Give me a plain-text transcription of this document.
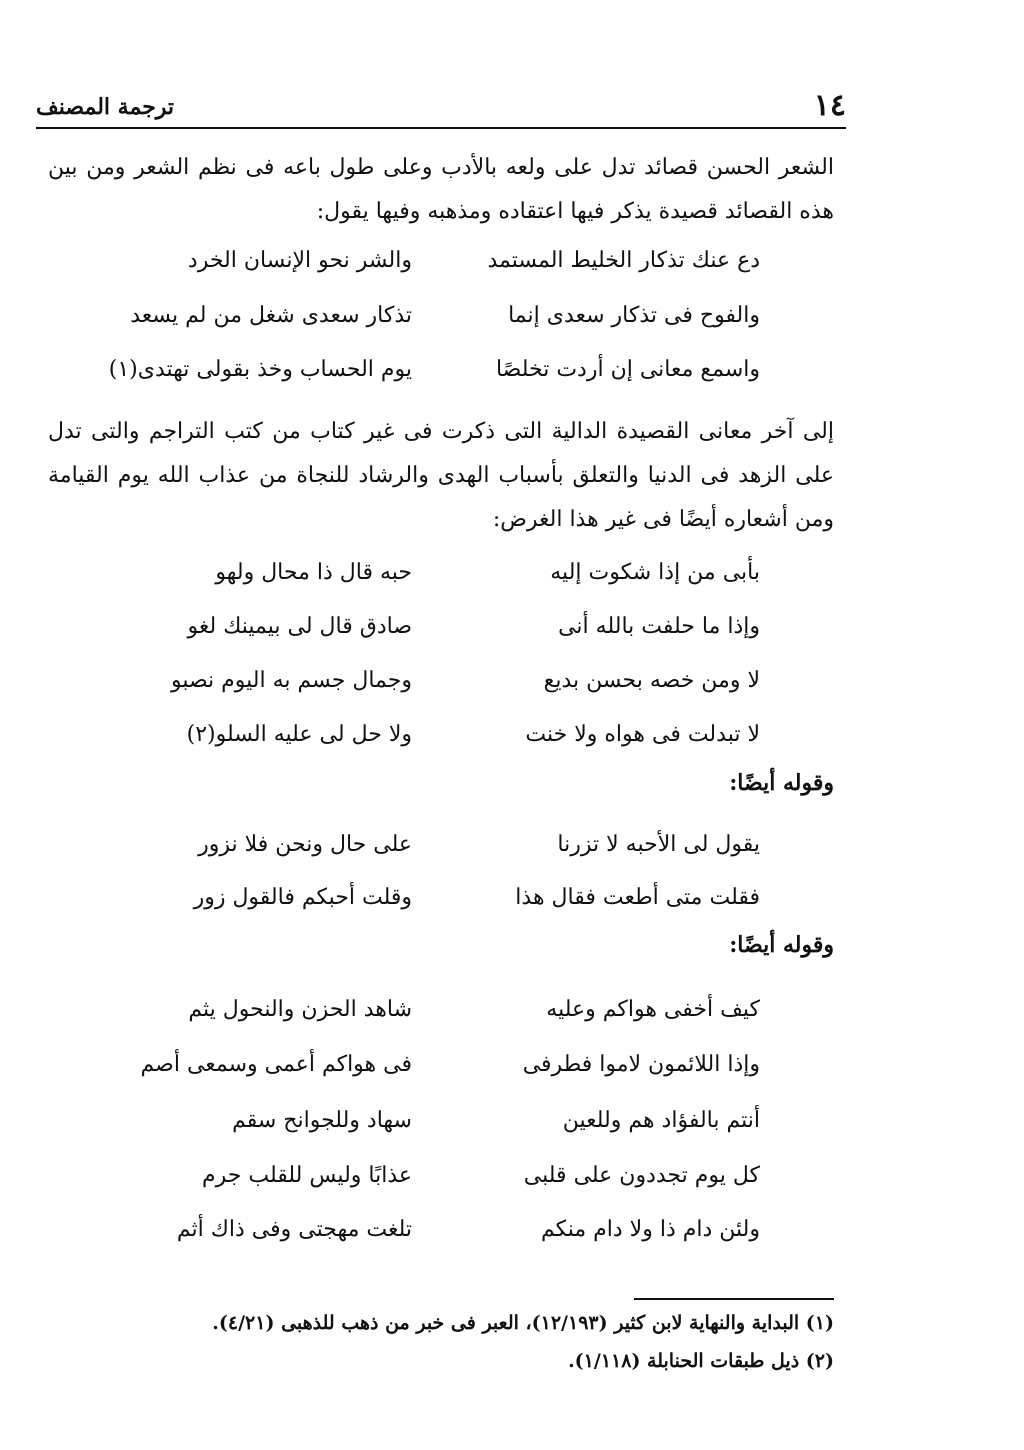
١٤
ترجمة المصنف
الشعر الحسن قصائد تدل على ولعه بالأدب وعلى طول باعه فى نظم الشعر ومن بين هذه القصائد قصيدة يذكر فيها اعتقاده ومذهبه وفيها يقول:
دع عنك تذكار الخليط المستمد
والشر نحو الإنسان الخرد
والفوح فى تذكار سعدى إنما
تذكار سعدى شغل من لم يسعد
واسمع معانى إن أردت تخلصًا
يوم الحساب وخذ بقولى تهتدى(١)
إلى آخر معانى القصيدة الدالية التى ذكرت فى غير كتاب من كتب التراجم والتى تدل على الزهد فى الدنيا والتعلق بأسباب الهدى والرشاد للنجاة من عذاب الله يوم القيامة ومن أشعاره أيضًا فى غير هذا الغرض:
بأبى من إذا شكوت إليه
حبه قال ذا محال ولهو
وإذا ما حلفت بالله أنى
صادق قال لى بيمينك لغو
لا ومن خصه بحسن بديع
وجمال جسم به اليوم نصبو
لا تبدلت فى هواه ولا خنت
ولا حل لى عليه السلو(٢)
وقوله أيضًا:
يقول لى الأحبه لا تزرنا
على حال ونحن فلا نزور
فقلت متى أطعت فقال هذا
وقلت أحبكم فالقول زور
وقوله أيضًا:
كيف أخفى هواكم وعليه
شاهد الحزن والنحول يثم
وإذا اللائمون لاموا فطرفى
فى هواكم أعمى وسمعى أصم
أنتم بالفؤاد هم وللعين
سهاد وللجوانح سقم
كل يوم تجددون على قلبى
عذابًا وليس للقلب جرم
ولئن دام ذا ولا دام منكم
تلغت مهجتى وفى ذاك أثم
(١) البداية والنهاية لابن كثير (١٢/١٩٣)، العبر فى خبر من ذهب للذهبى (٤/٢١).
(٢) ذيل طبقات الحنابلة (١/١١٨).
